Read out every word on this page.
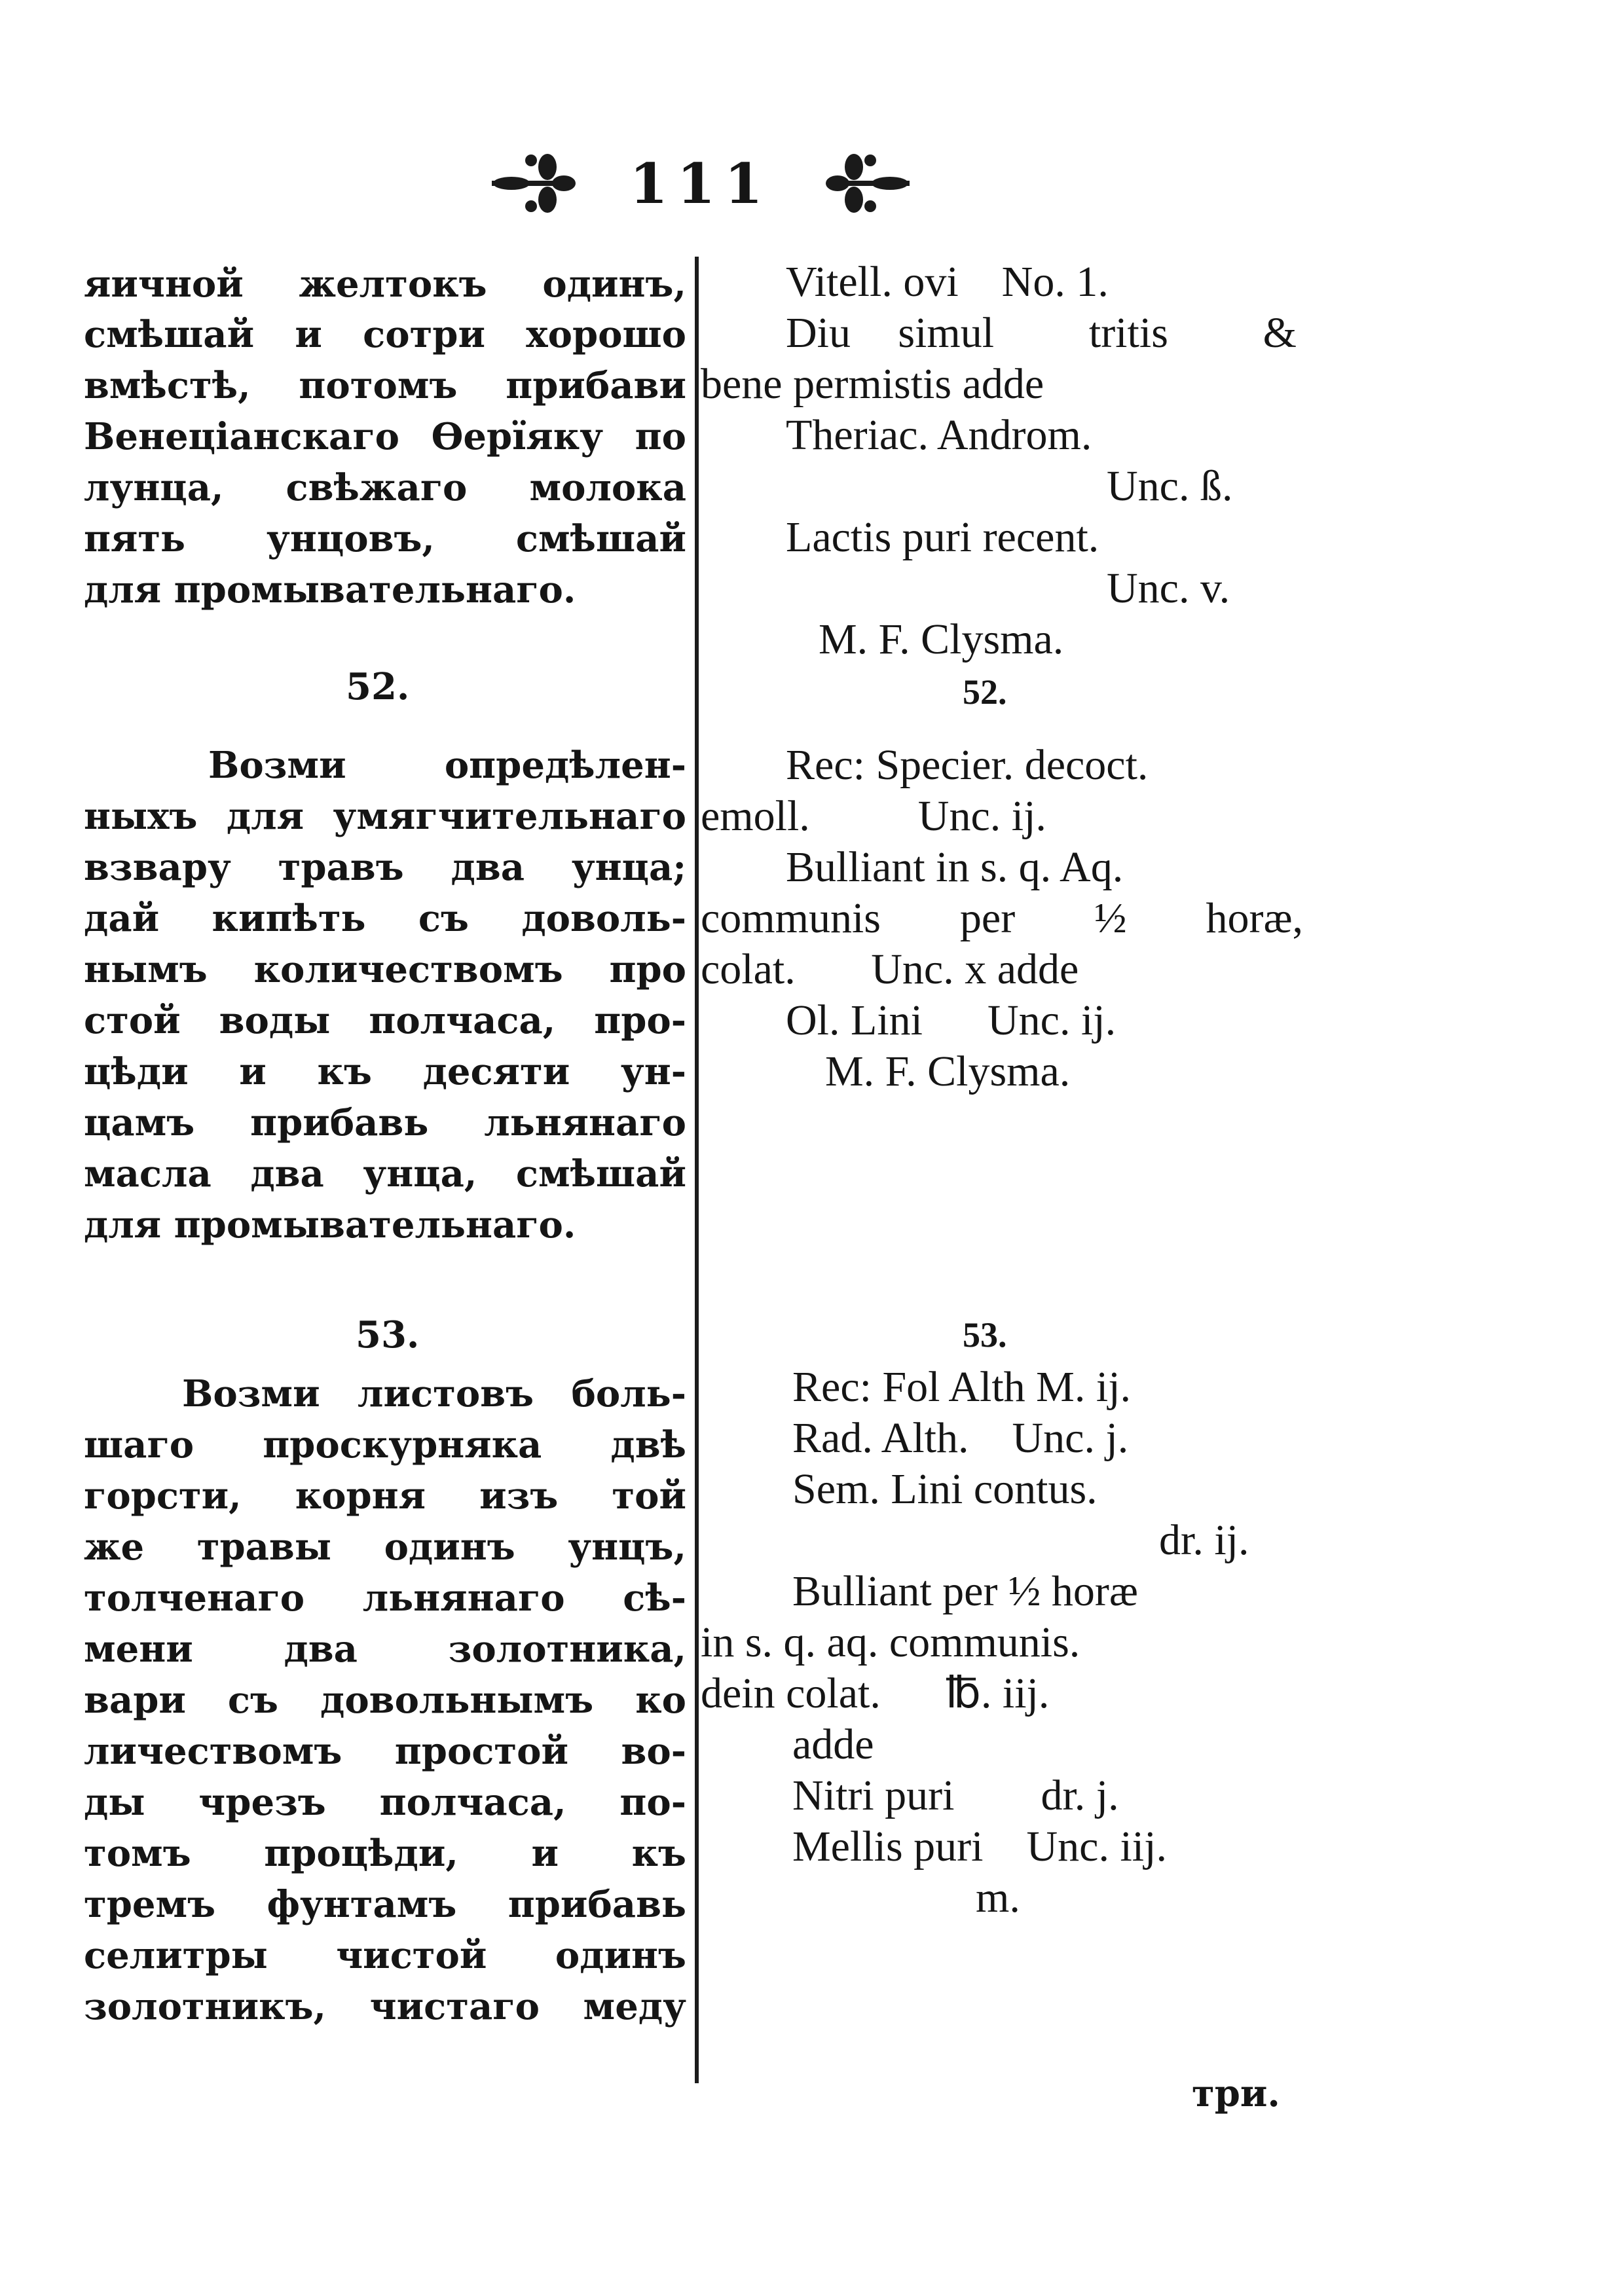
111
яичной желтокъ одинъ,
смѣшай и сотри хорошо
вмѣстѣ, потомъ прибави
Венеціанскаго Өерїяку по
лунца, свѣжаго молока
пять унцовъ, смѣшай
для промывательнаго.
52.
Возми опредѣлен-
ныхъ для умягчительнаго
взвару травъ два унца;
дай кипѣть съ доволь-
нымъ количествомъ про
стой воды полчаса, про-
цѣди и къ десяти ун-
цамъ прибавь льнянаго
масла два унца, смѣшай
для промывательнаго.
53.
Возми листовъ боль-
шаго проскурняка двѣ
горсти, корня изъ той
же травы одинъ унцъ,
толченаго льнянаго сѣ-
мени два золотника,
вари съ довольнымъ ко
личествомъ простой во-
ды чрезъ полчаса, по-
томъ процѣди, и къ
тремъ фунтамъ прибавь
селитры чистой одинъ
золотникъ, чистаго меду
Vitell. ovi    No. 1.
Diu simul  tritis  &
bene permistis adde
Theriac. Androm.
Unc. ß.
Lactis puri recent.
Unc. v.
M. F. Clysma.
52.
Rec: Specier. decoct.
emoll.          Unc. ij.
Bulliant in s. q. Aq.
communis  per  ½  horæ,
colat.       Unc. x adde
Ol. Lini      Unc. ij.
M. F. Clysma.
53.
Rec: Fol Alth M. ij.
Rad. Alth.    Unc. j.
Sem. Lini contus.
dr. ij.
Bulliant per ½ horæ
in s. q. aq. communis.
dein colat.      ℔. iij.
adde
Nitri puri        dr. j.
Mellis puri    Unc. iij.
m.
три.
